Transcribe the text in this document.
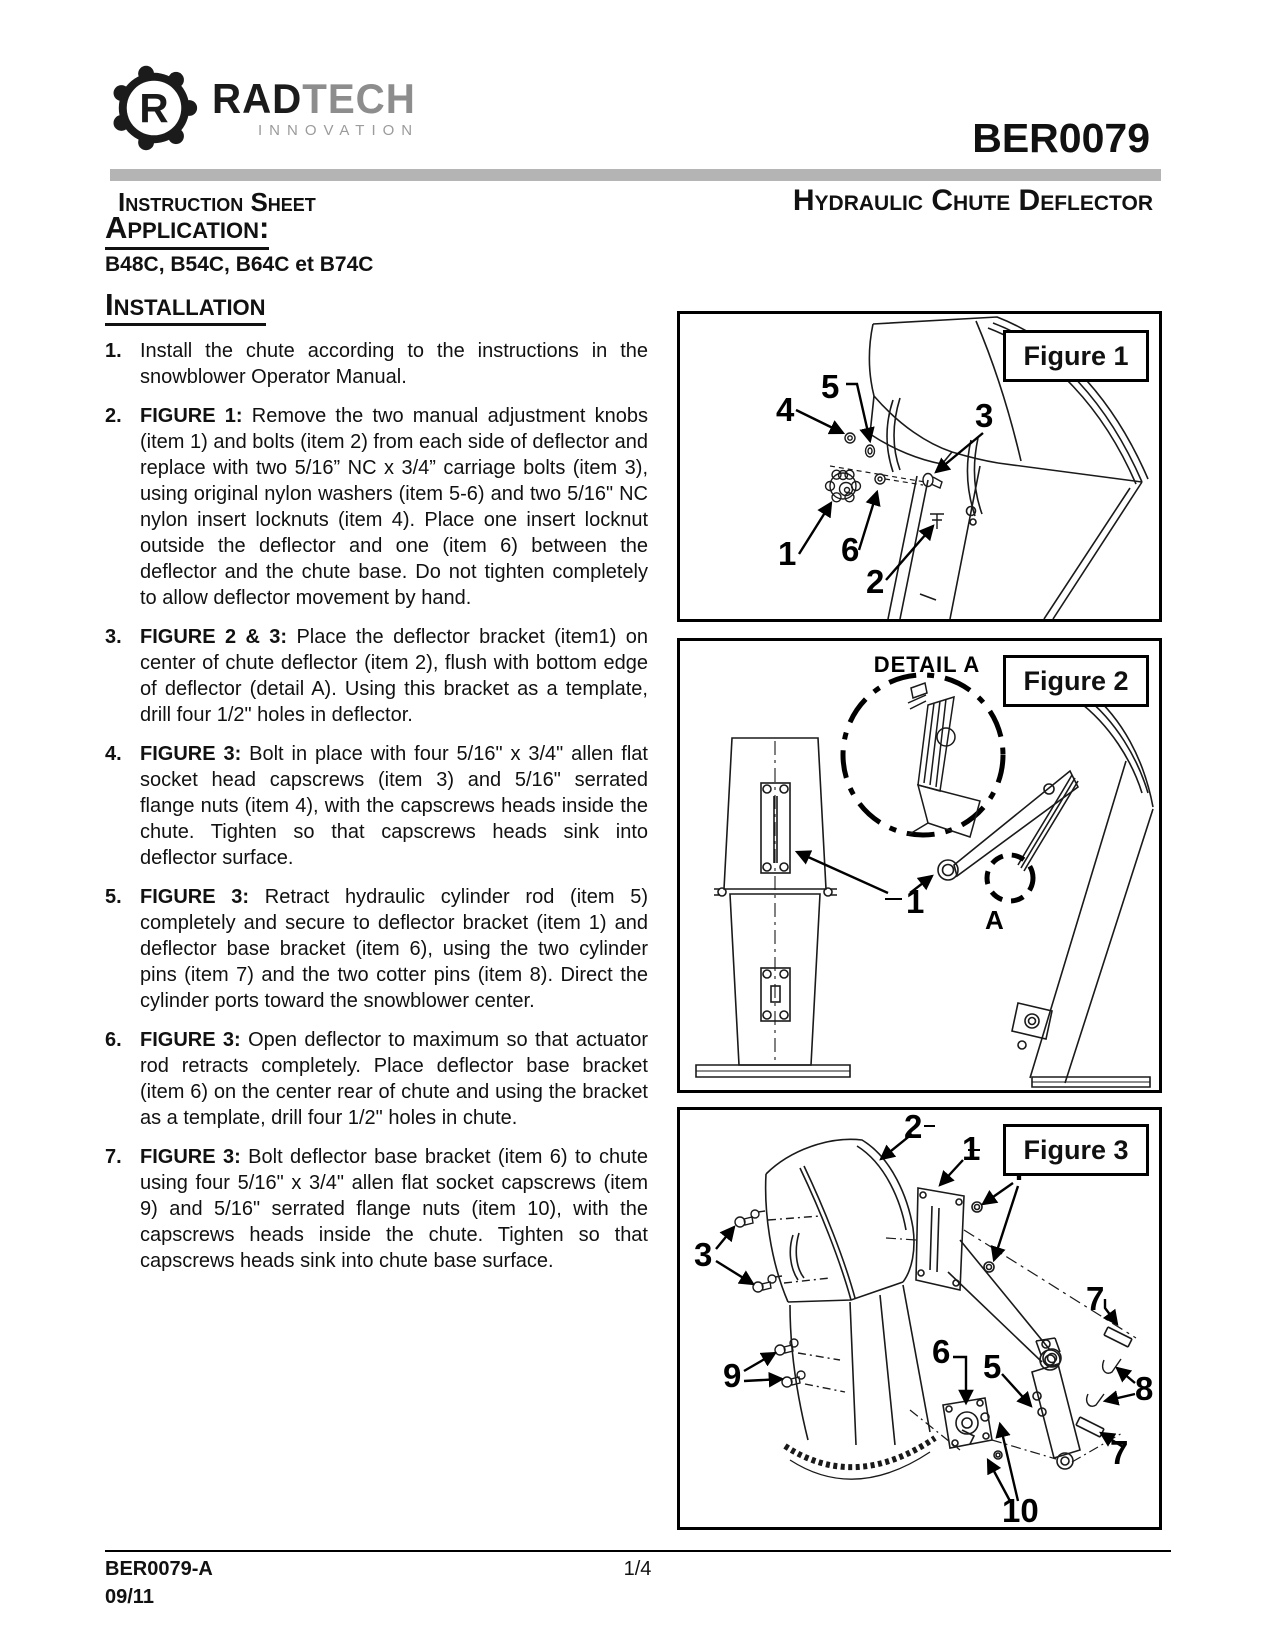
R RADTECH
INNOVATION	BER0079
Instruction Sheet	Hydraulic Chute Deflector
Application:
B48C, B54C, B64C et B74C
Installation
1. Install the chute according to the instructions in the snowblower Operator Manual.
2. FIGURE 1: Remove the two manual adjustment knobs (item 1) and bolts (item 2) from each side of deflector and replace with two 5/16” NC x 3/4” carriage bolts (item 3), using original nylon washers (item 5-6) and two 5/16" NC nylon insert locknuts (item 4). Place one insert locknut outside the deflector and one (item 6) between the deflector and the chute base. Do not tighten completely to allow deflector movement by hand.
3. FIGURE 2 & 3: Place the deflector bracket (item1) on center of chute deflector (item 2), flush with bottom edge of deflector (detail A). Using this bracket as a template, drill four 1/2" holes in deflector.
4. FIGURE 3: Bolt in place with four 5/16" x 3/4" allen flat socket head capscrews (item 3) and 5/16" serrated flange nuts (item 4), with the capscrews heads inside the chute. Tighten so that capscrews heads sink into deflector surface.
5. FIGURE 3: Retract hydraulic cylinder rod (item 5) completely and secure to deflector bracket (item 1) and deflector base bracket (item 6), using the two cylinder pins (item 7) and the two cotter pins (item 8). Direct the cylinder ports toward the snowblower center.
6. FIGURE 3: Open deflector to maximum so that actuator rod retracts completely. Place deflector base bracket (item 6) on the center rear of chute and using the bracket as a template, drill four 1/2" holes in chute.
7. FIGURE 3: Bolt deflector base bracket (item 6) to chute using four 5/16" x 3/4" allen flat socket capscrews (item 9) and 5/16" serrated flange nuts (item 10), with the capscrews heads inside the chute. Tighten so that capscrews heads sink into chute base surface.
5
4	3
1 6
2
Figure 1
DETAIL A
1 A
Figure 2
2
1
3
7
6 5
9	8
7
10
Figure 3
BER0079-A	1/4
09/11
